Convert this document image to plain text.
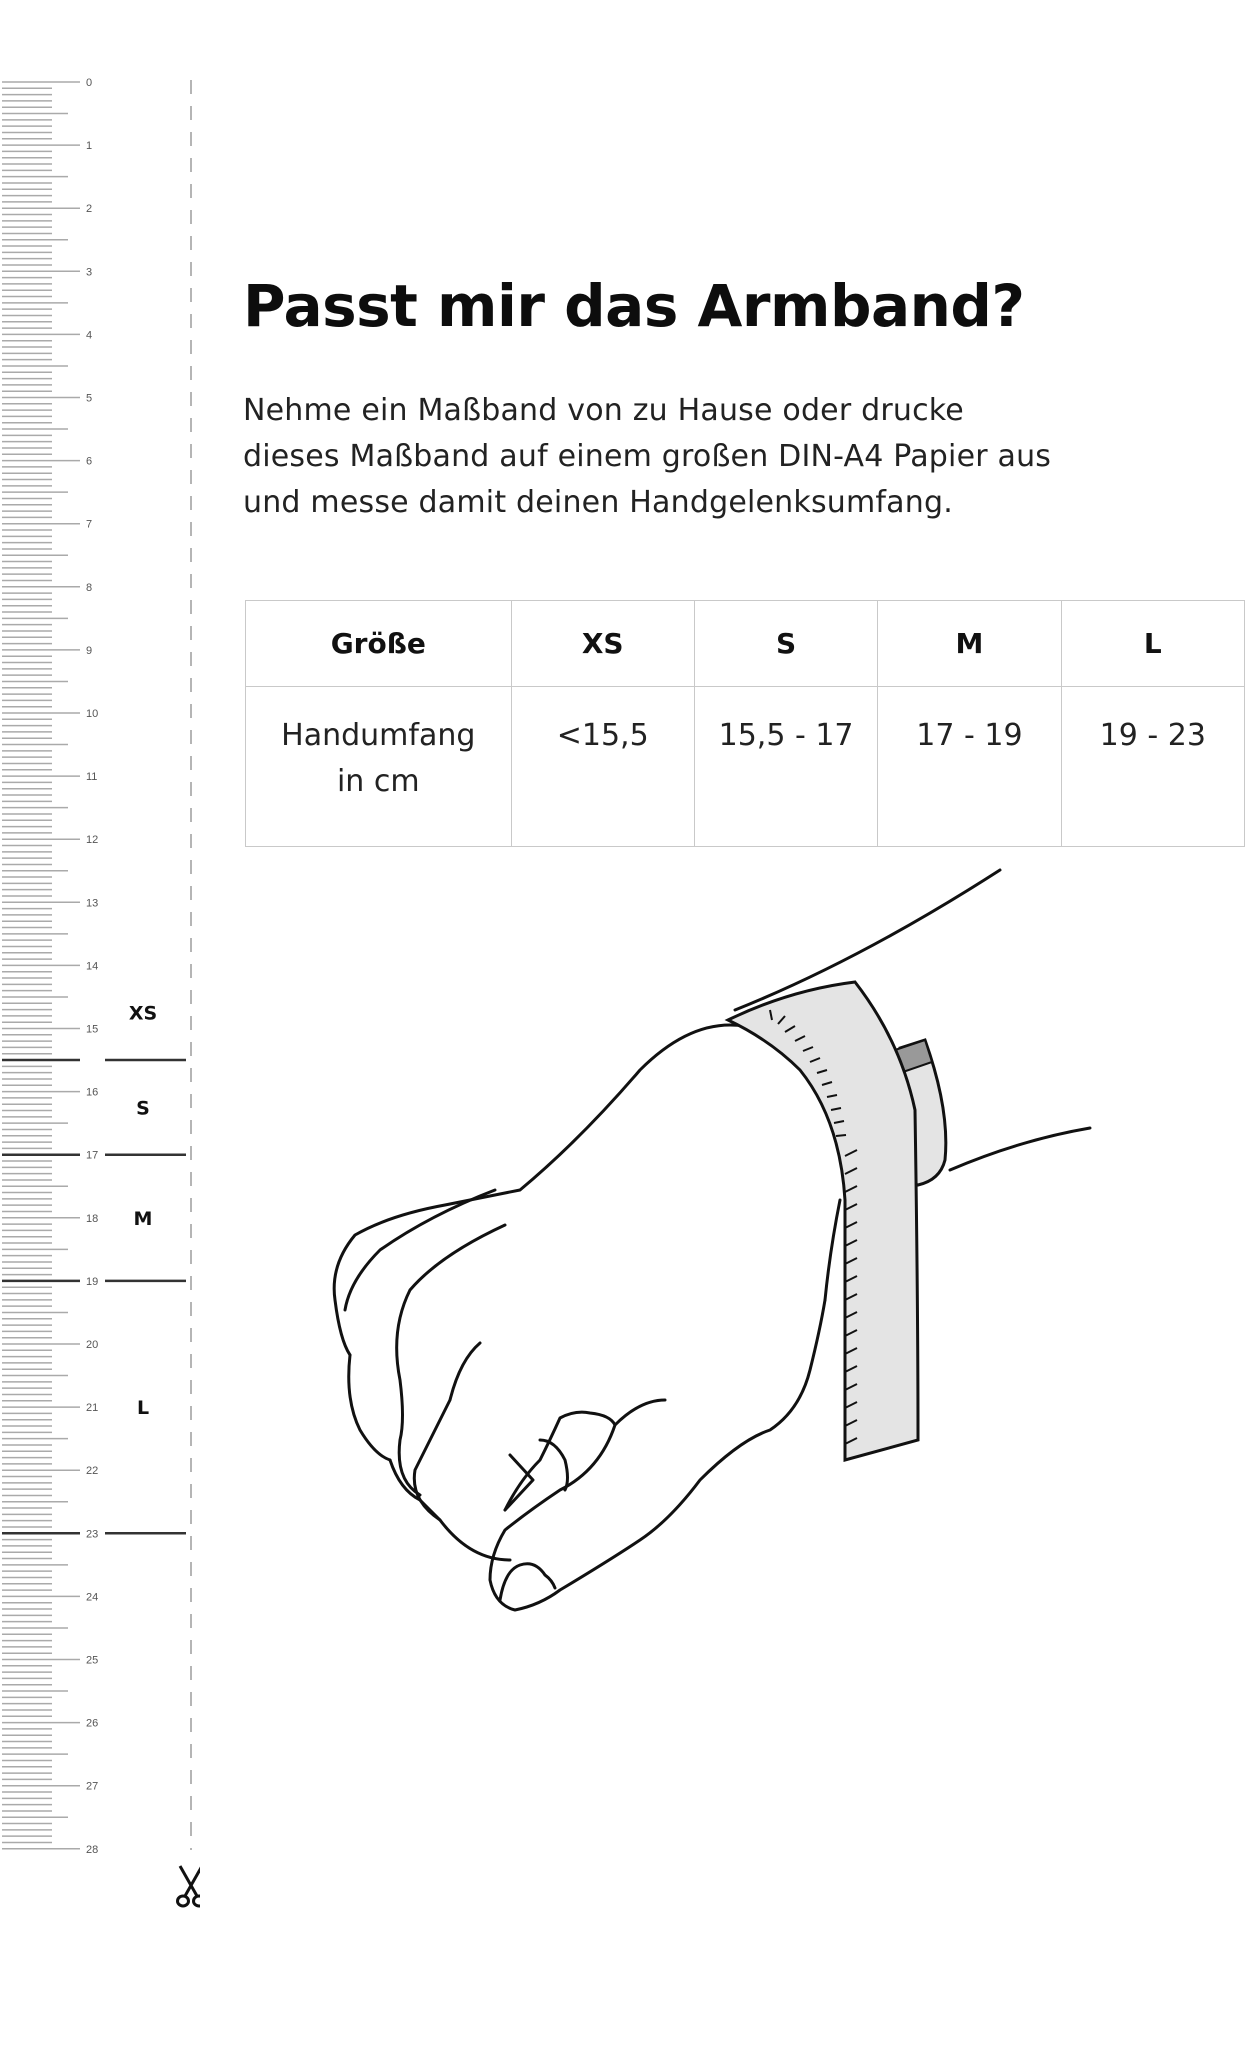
0
1
2
3
4
5
6
7
8
9
10
11
12
13
14
15
16
17
18
19
20
21
22
23
24
25
26
27
28
XS
S
M
L
Passt mir das Armband?

Nehme ein Maßband von zu Hause oder drucke
dieses Maßband auf einem großen DIN-A4 Papier aus
und messe damit deinen Handgelenksumfang.

Größe	XS	S	M	L

Handumfang
in cm	<15,5	15,5 - 17	17 - 19	19 - 23
